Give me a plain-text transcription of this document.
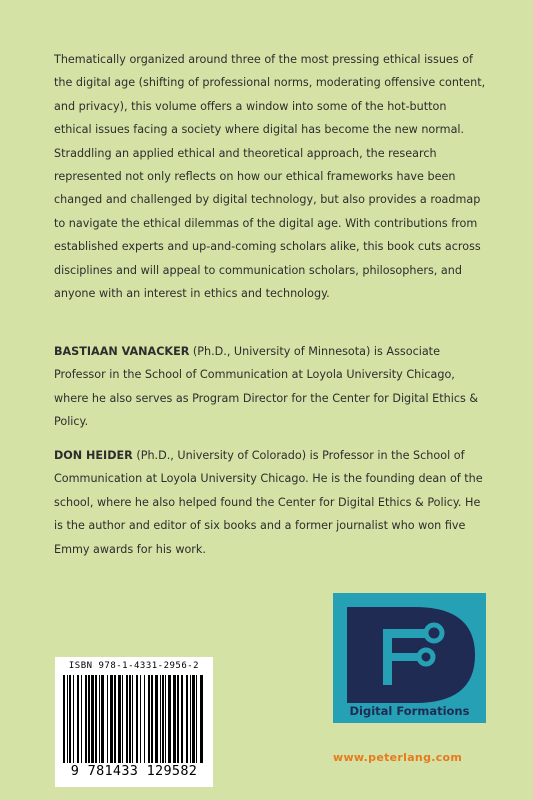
Thematically organized around three of the most pressing ethical issues of the digital age (shifting of professional norms, moderating offensive content, and privacy), this volume offers a window into some of the hot-button ethical issues facing a society where digital has become the new normal. Straddling an applied ethical and theoretical approach, the research represented not only reflects on how our ethical frameworks have been changed and challenged by digital technology, but also provides a roadmap to navigate the ethical dilemmas of the digital age. With contributions from established experts and up-and-coming scholars alike, this book cuts across disciplines and will appeal to communication scholars, philosophers, and anyone with an interest in ethics and technology.

BASTIAAN VANACKER (Ph.D., University of Minnesota) is Associate Professor in the School of Communication at Loyola University Chicago, where he also serves as Program Director for the Center for Digital Ethics & Policy.

DON HEIDER (Ph.D., University of Colorado) is Professor in the School of Communication at Loyola University Chicago. He is the founding dean of the school, where he also helped found the Center for Digital Ethics & Policy. He is the author and editor of six books and a former journalist who won five Emmy awards for his work.

ISBN 978-1-4331-2956-2
9 781433 129582
Digital Formations
www.peterlang.com
